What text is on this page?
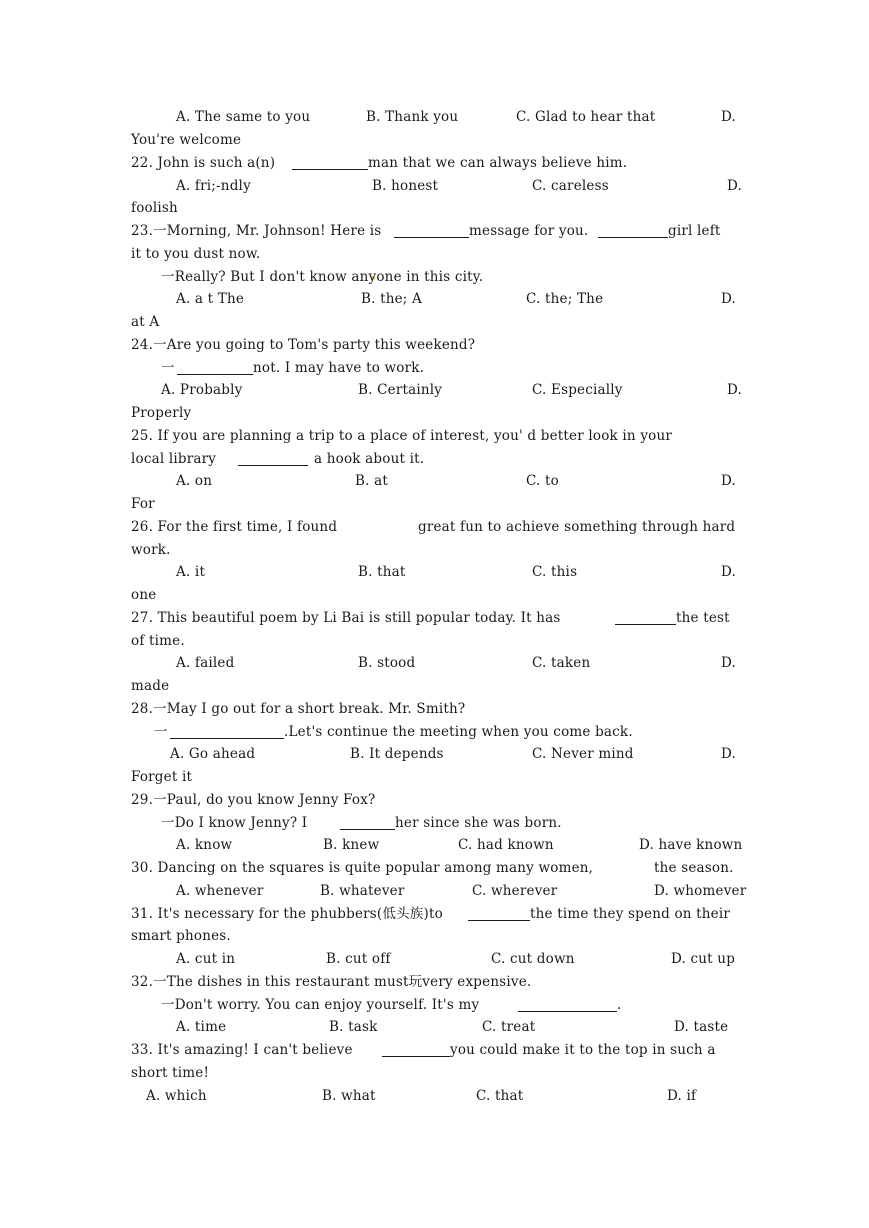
A. The same to you	B. Thank you	C. Glad to hear that	D.
You're welcome
22. John is such a(n)	man that we can always believe him.
A. fri;-ndly	B. honest	C. careless	D.
foolish
23.一Morning, Mr. Johnson! Here is	message for you.	girl left
it to you dust now.
一Really? But I don't know anyone in this city.
A. a t The	B. the; A	C. the; The	D.
at A
24.一Are you going to Tom's party this weekend?
一	not. I may have to work.
A. Probably	B. Certainly	C. Especially	D.
Properly
25. If you are planning a trip to a place of interest, you' d better look in your
local library	a hook about it.
A. on	B. at	C. to	D.
For
26. For the first time, I found	great fun to achieve something through hard
work.
A. it	B. that	C. this	D.
one
27. This beautiful poem by Li Bai is still popular today. It has	the test
of time.
A. failed	B. stood	C. taken	D.
made
28.一May I go out for a short break. Mr. Smith?
一	.Let's continue the meeting when you come back.
A. Go ahead	B. It depends	C. Never mind	D.
Forget it
29.一Paul, do you know Jenny Fox?
一Do I know Jenny? I	her since she was born.
A. know	B. knew	C. had known	D. have known
30. Dancing on the squares is quite popular among many women,	the season.
A. whenever	B. whatever	C. wherever	D. whomever
31. It's necessary for the phubbers(低头族)to	the time they spend on their
smart phones.
A. cut in	B. cut off	C. cut down	D. cut up
32.一The dishes in this restaurant must玩very expensive.
一Don't worry. You can enjoy yourself. It's my	.
A. time	B. task	C. treat	D. taste
33. It's amazing! I can't believe	you could make it to the top in such a
short time!
A. which	B. what	C. that	D. if
